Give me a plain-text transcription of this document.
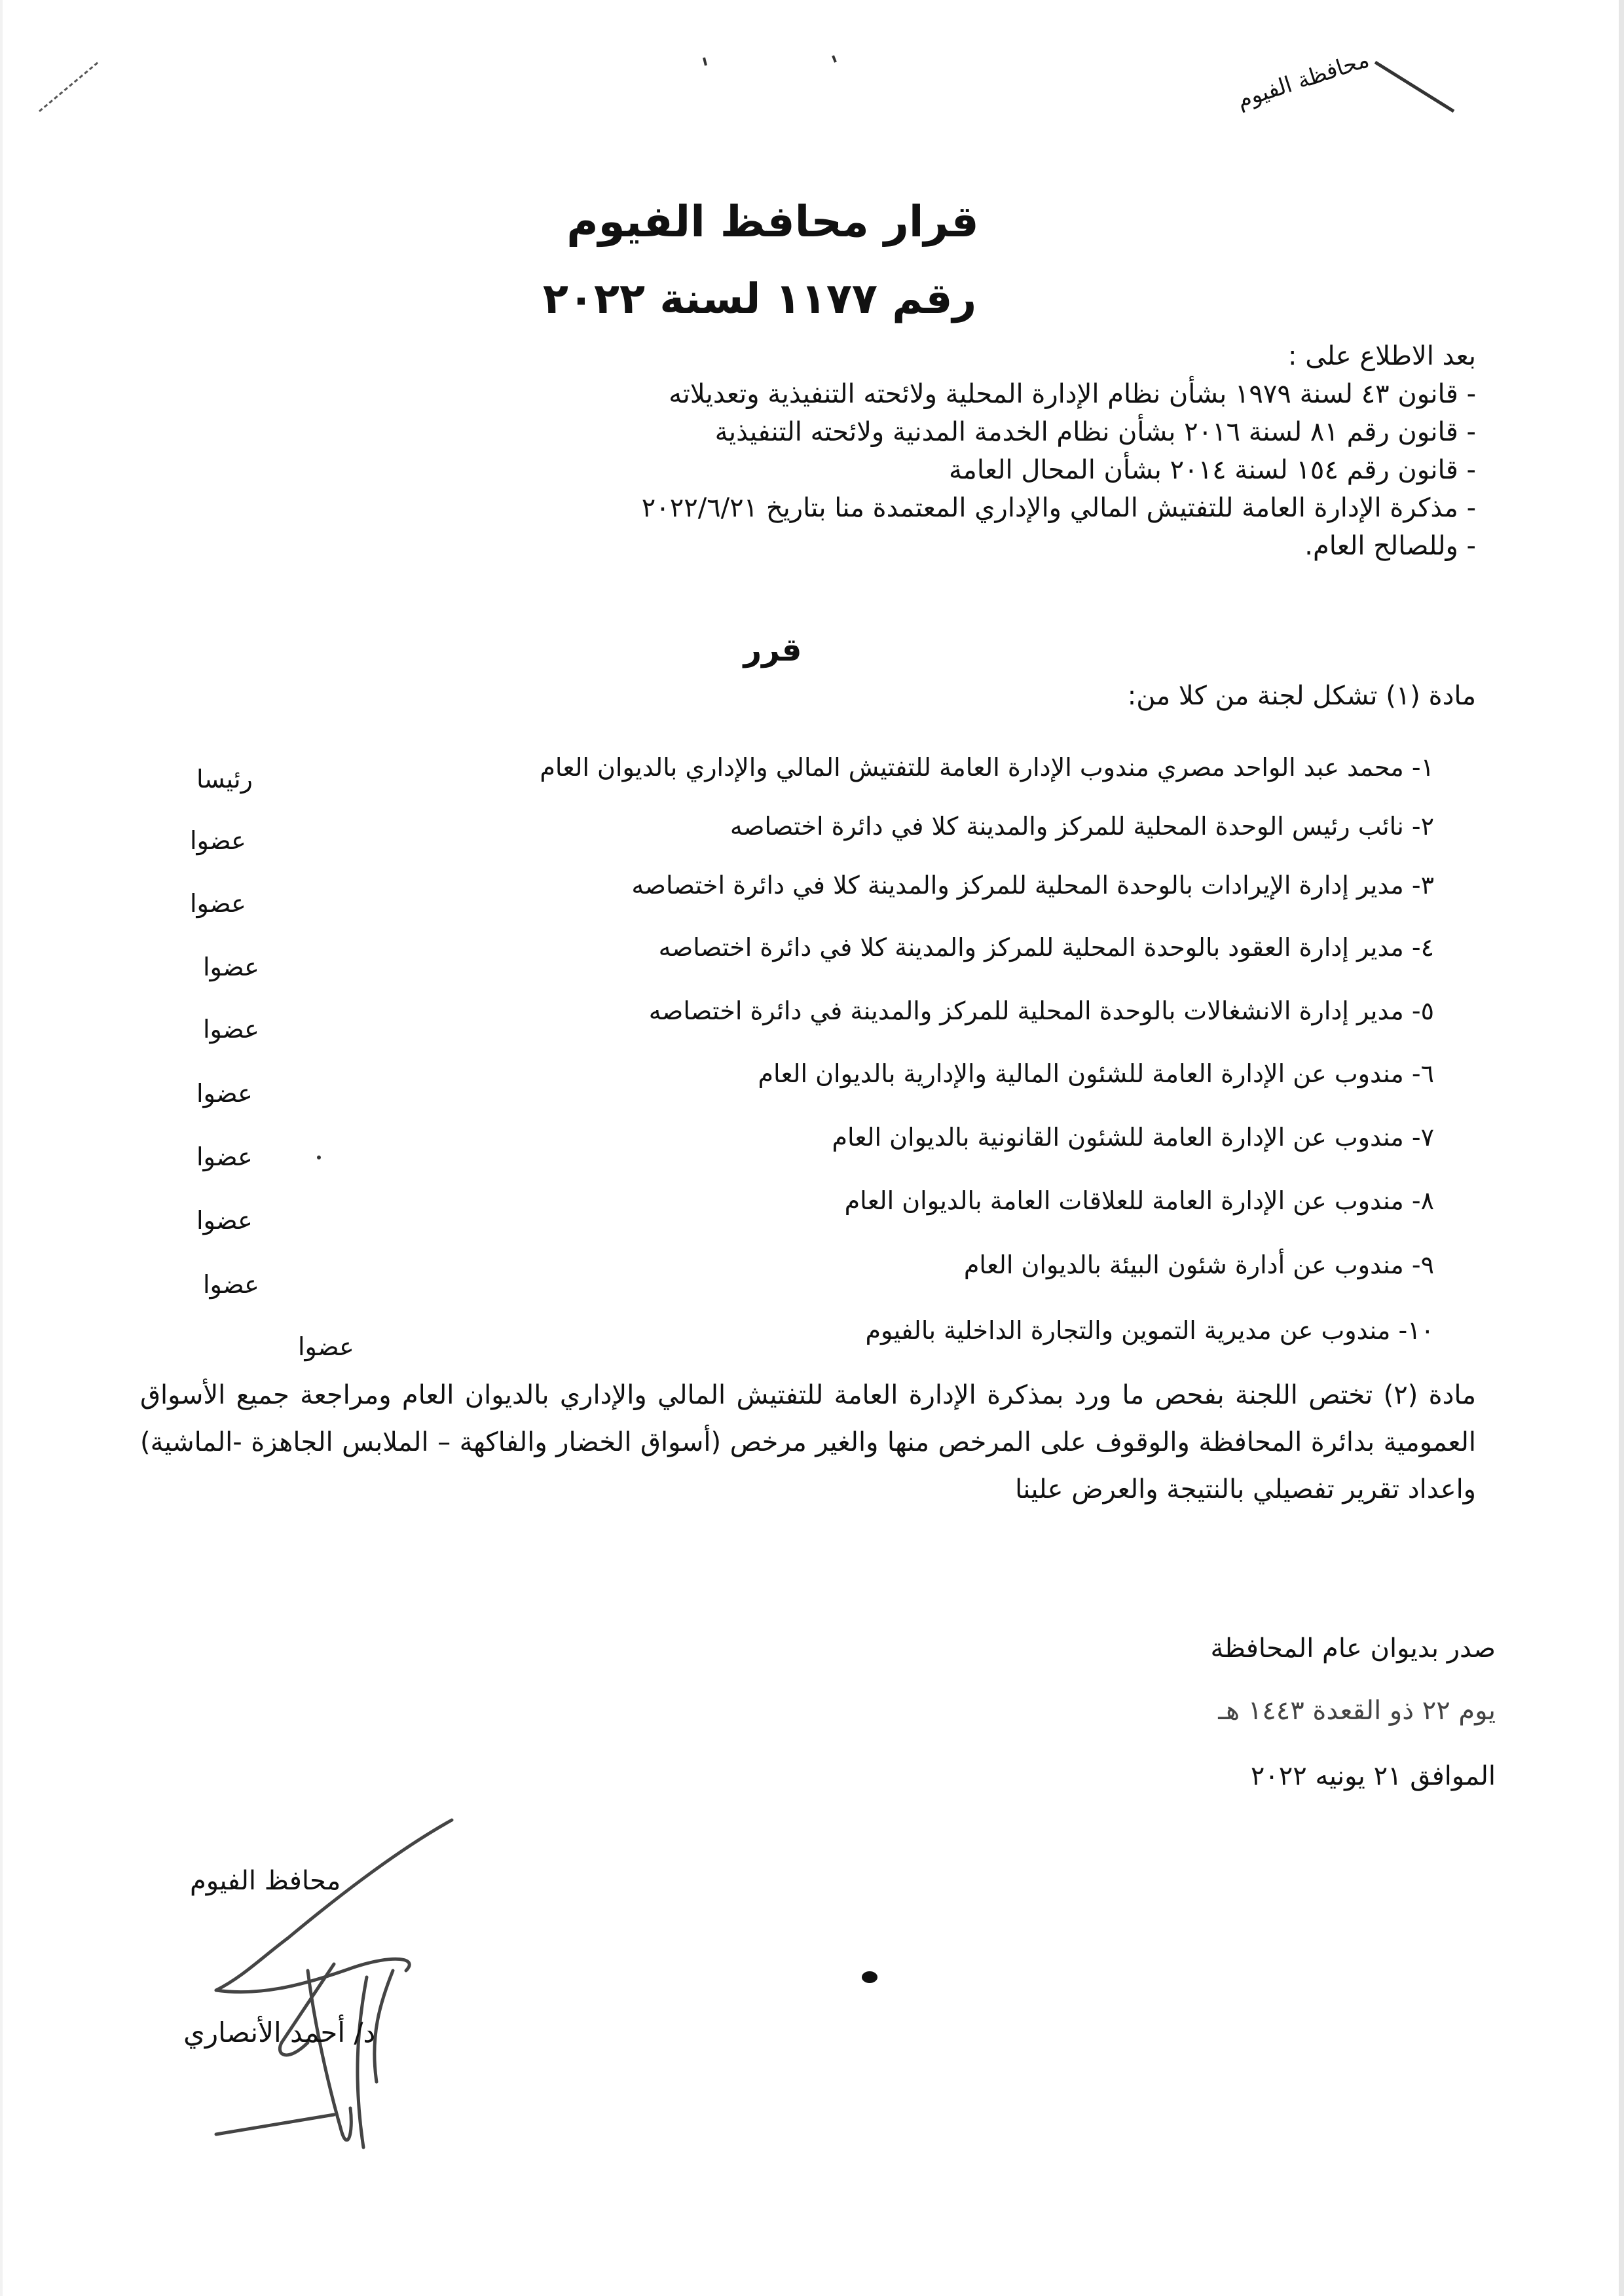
محافظة الفيوم
قرار محافظ الفيوم
رقم ١١٧٧ لسنة ٢٠٢٢
بعد الاطلاع على :
- قانون ٤٣ لسنة ١٩٧٩ بشأن نظام الإدارة المحلية ولائحته التنفيذية وتعديلاته
- قانون رقم ٨١ لسنة ٢٠١٦ بشأن نظام الخدمة المدنية ولائحته التنفيذية
- قانون رقم ١٥٤ لسنة ٢٠١٤ بشأن المحال العامة
- مذكرة الإدارة العامة للتفتيش المالي والإداري المعتمدة منا بتاريخ ٢٠٢٢/٦/٢١
- وللصالح العام.
قرر
مادة (١) تشكل لجنة من كلا من:
١- محمد عبد الواحد مصري مندوب الإدارة العامة للتفتيش المالي والإداري بالديوان العام
رئيسا
٢- نائب رئيس الوحدة المحلية للمركز والمدينة كلا في دائرة اختصاصه
عضوا
٣- مدير إدارة الإيرادات بالوحدة المحلية للمركز والمدينة كلا في دائرة اختصاصه
عضوا
٤- مدير إدارة العقود بالوحدة المحلية للمركز والمدينة كلا في دائرة اختصاصه
عضوا
٥- مدير إدارة الانشغالات بالوحدة المحلية للمركز والمدينة في دائرة اختصاصه
عضوا
٦- مندوب عن الإدارة العامة للشئون المالية والإدارية بالديوان العام
عضوا
٧- مندوب عن الإدارة العامة للشئون القانونية بالديوان العام
عضوا
٨- مندوب عن الإدارة العامة للعلاقات العامة بالديوان العام
عضوا
٩- مندوب عن أدارة شئون البيئة بالديوان العام
عضوا
١٠- مندوب عن مديرية التموين والتجارة الداخلية بالفيوم
عضوا
مادة (٢) تختص اللجنة بفحص ما ورد بمذكرة الإدارة العامة للتفتيش المالي والإداري بالديوان العام ومراجعة جميع الأسواق العمومية بدائرة المحافظة والوقوف على المرخص منها والغير مرخص (أسواق الخضار والفاكهة – الملابس الجاهزة -الماشية) واعداد تقرير تفصيلي بالنتيجة والعرض علينا
صدر بديوان عام المحافظة
يوم ٢٢ ذو القعدة ١٤٤٣ هـ
الموافق ٢١ يونيه ٢٠٢٢
محافظ الفيوم
د/ أحمد الأنصاري
